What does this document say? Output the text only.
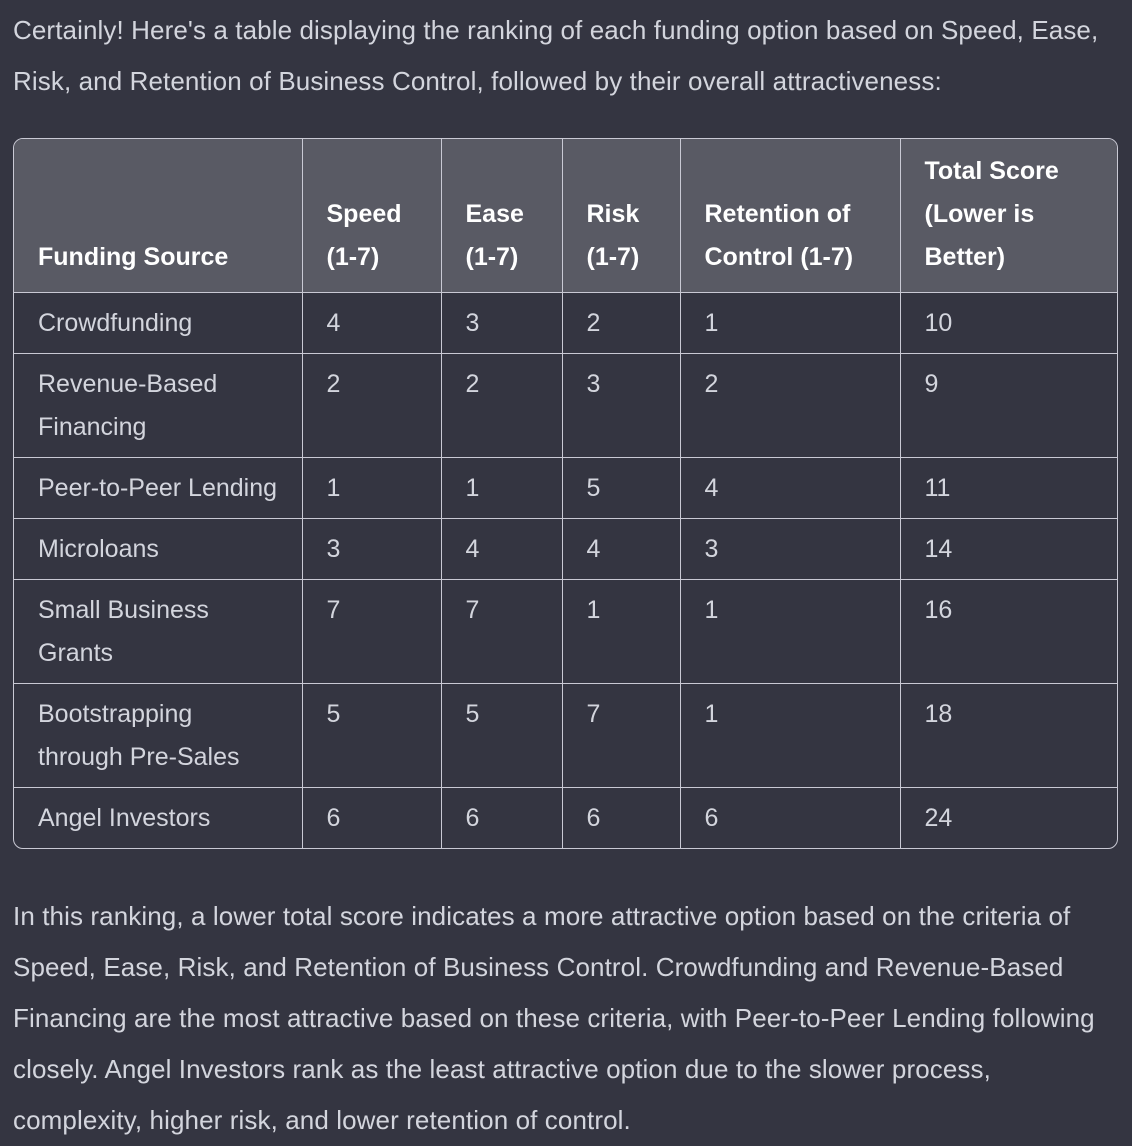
Certainly! Here's a table displaying the ranking of each funding option based on Speed, Ease, Risk, and Retention of Business Control, followed by their overall attractiveness:

Funding Source	Speed (1-7)	Ease (1-7)	Risk (1-7)	Retention of Control (1-7)	Total Score (Lower is Better)
Crowdfunding	4	3	2	1	10
Revenue-Based Financing	2	2	3	2	9
Peer-to-Peer Lending	1	1	5	4	11
Microloans	3	4	4	3	14
Small Business Grants	7	7	1	1	16
Bootstrapping through Pre-Sales	5	5	7	1	18
Angel Investors	6	6	6	6	24

In this ranking, a lower total score indicates a more attractive option based on the criteria of Speed, Ease, Risk, and Retention of Business Control. Crowdfunding and Revenue-Based Financing are the most attractive based on these criteria, with Peer-to-Peer Lending following closely. Angel Investors rank as the least attractive option due to the slower process, complexity, higher risk, and lower retention of control.
